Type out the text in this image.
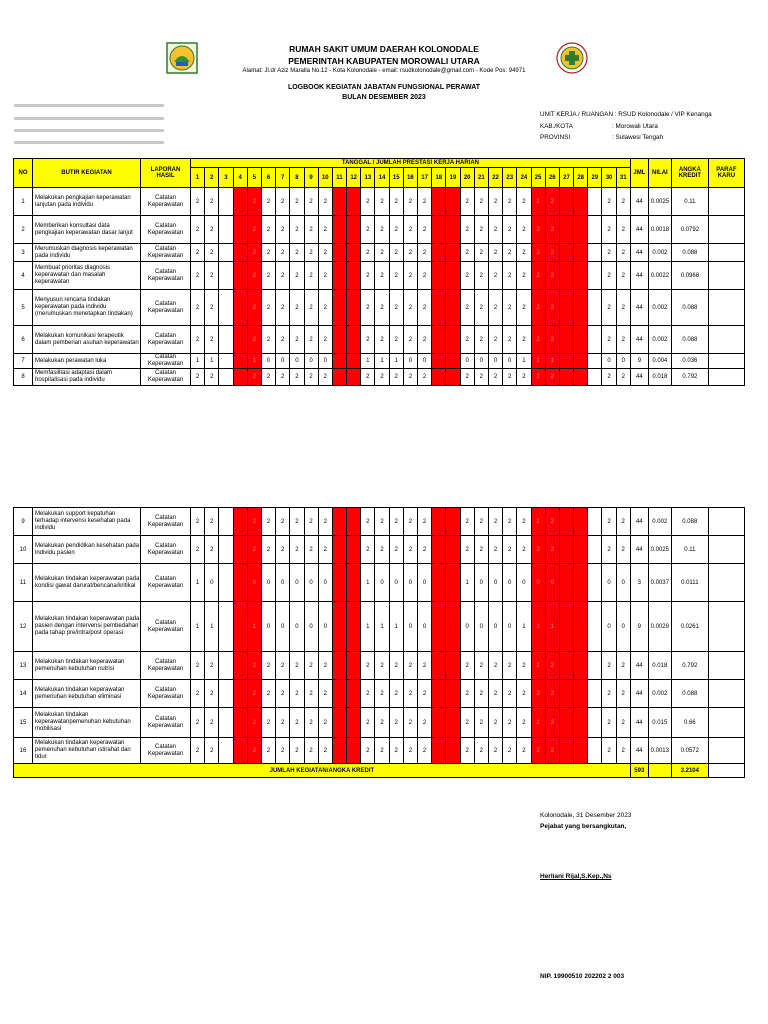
RUMAH SAKIT UMUM DAERAH KOLONODALE
PEMERINTAH KABUPATEN MOROWALI UTARA
Alamat: Jl.dr Aziz Maralla No.12 - Kota Kolonodale - email: rsudkolonodale@gmail.com - Kode Pos: 94971
LOGBOOK KEGIATAN JABATAN FUNGSIONAL PERAWAT
BULAN DESEMBER 2023
UNIT KERJA / RUANGAN : RSUD Kolonodale / VIP Kenanga
KAB./KOTA	: Morowali Utara
PROVINSI	: Sulawesi Tengah
NO	BUTIR KEGIATAN	LAPORAN HASIL	TANGGAL / JUMLAH PRESTASI KERJA HARIAN																															JML	NILAI	ANGKA KREDIT	PARAF KARU
			1	2	3	4	5	6	7	8	9	10	11	12	13	14	15	16	17	18	19	20	21	22	23	24	25	26	27	28	29	30	31				
1	Melakukan pengkajian keperawatan lanjutan pada individu	Catatan Keperawatan	2	2			2	2	2	2	2	2			2	2	2	2	2			2	2	2	2	2	2	2				2	2	44	0.0025	0.11	
2	Memberikan konsultasi data pengkajian keperawatan dasar lanjut	Catatan Keperawatan	2	2			2	2	2	2	2	2			2	2	2	2	2			2	2	2	2	2	2	2				2	2	44	0.0018	0.0792	
3	Merumuskan diagnosis keperawatan pada individu	Catatan Keperawatan	2	2			2	2	2	2	2	2			2	2	2	2	2			2	2	2	2	2	2	2				2	2	44	0.002	0.088	
4	Membuat prioritas diagnosis keperawatan dan masalah keperawatan	Catatan Keperawatan	2	2			2	2	2	2	2	2			2	2	2	2	2			2	2	2	2	2	2	2				2	2	44	0.0022	0.0968	
5	Menyusun rencana tindakan keperawatan pada individu (merumuskan menetapkan tindakan)	Catatan Keperawatan	2	2			2	2	2	2	2	2			2	2	2	2	2			2	2	2	2	2	2	2				2	2	44	0.002	0.088	
6	Melakukan komunikasi terapeutik dalam pemberian asuhan keperawatan	Catatan Keperawatan	2	2			2	2	2	2	2	2			2	2	2	2	2			2	2	2	2	2	2	2				2	2	44	0.002	0.088	
7	Melakukan perawatan luka	Catatan Keperawatan	1	1			1	0	0	0	0	0			1	1	1	0	0			0	0	0	0	1	1	1				0	0	9	0.004	0.036	
8	Memfasilitasi adaptasi dalam hospitalisasi pada individu	Catatan Keperawatan	2	2			2	2	2	2	2	2			2	2	2	2	2			2	2	2	2	2	2	2				2	2	44	0.018	0.792	
9	Melakukan support kepatuhan terhadap intervensi kesehatan pada individu	Catatan Keperawatan	2	2			2	2	2	2	2	2			2	2	2	2	2			2	2	2	2	2	2	2				2	2	44	0.002	0.088	
10	Melakukan pendidikan kesehatan pada individu pasien	Catatan Keperawatan	2	2			2	2	2	2	2	2			2	2	2	2	2			2	2	2	2	2	2	2				2	2	44	0.0025	0.11	
11	Melakukan tindakan keperawatan pada kondisi gawat darurat/bencana/kritikal	Catatan Keperawatan	1	0			0	0	0	0	0	0			1	0	0	0	0			1	0	0	0	0	0	0				0	0	3	0.0037	0.0111	
12	Melakukan tindakan keperawatan pada pasien dengan intervensi pembedahan pada tahap pre/intra/post operasi	Catatan Keperawatan	1	1			1	0	0	0	0	0			1	1	1	0	0			0	0	0	0	1	1	1				0	0	9	0.0029	0.0261	
13	Melakukan tindakan keperawatan pemenuhan kebutuhan nutrisi	Catatan Keperawatan	2	2			2	2	2	2	2	2			2	2	2	2	2			2	2	2	2	2	2	2				2	2	44	0.018	0.792	
14	Melakukan tindakan keperawatan pemenuhan kebutuhan eliminasi	Catatan Keperawatan	2	2			2	2	2	2	2	2			2	2	2	2	2			2	2	2	2	2	2	2				2	2	44	0.002	0.088	
15	Melakukan tindakan keperawatanpemenuhan kebutuhan mobilisasi	Catatan Keperawatan	2	2			2	2	2	2	2	2			2	2	2	2	2			2	2	2	2	2	2	2				2	2	44	0.015	0.66	
16	Melakukan tindakan keperawatan pemenuhan kebutuhan istirahat dan tidur	Catatan Keperawatan	2	2			2	2	2	2	2	2			2	2	2	2	2			2	2	2	2	2	2	2				2	2	44	0.0013	0.0572	
JUMLAH KEGIATAN/ANGKA KREDIT																																		593		3.2104	
Kolonodale, 31 Desember 2023
Pejabat yang bersangkutan,
Herliani Rijal,S.Kep.,Ns
NIP. 19900510 202202 2 003
